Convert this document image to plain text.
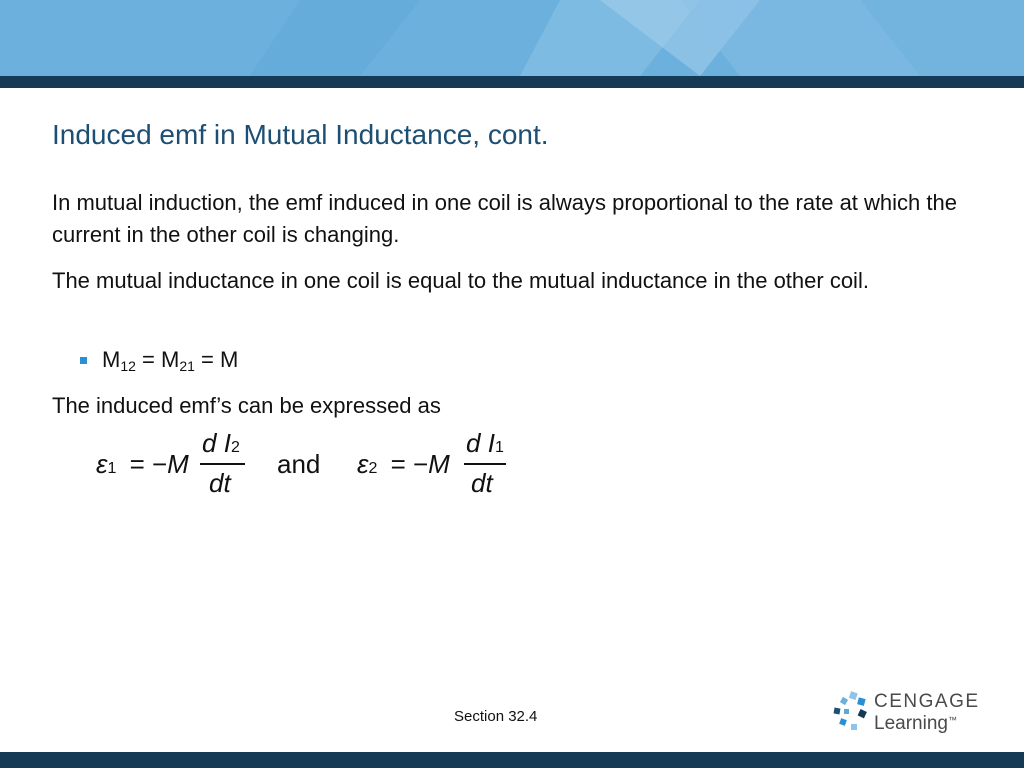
Induced emf in Mutual Inductance, cont.

In mutual induction, the emf induced in one coil is always proportional to the rate at which the current in the other coil is changing.

The mutual inductance in one coil is equal to the mutual inductance in the other coil.

$M_{12} = M_{21} = M$

The induced emf’s can be expressed as

ε1 = −M
d I2
dt
and ε2 = −M
d I1
dt
Section 32.4
CENGAGE
Learning™
